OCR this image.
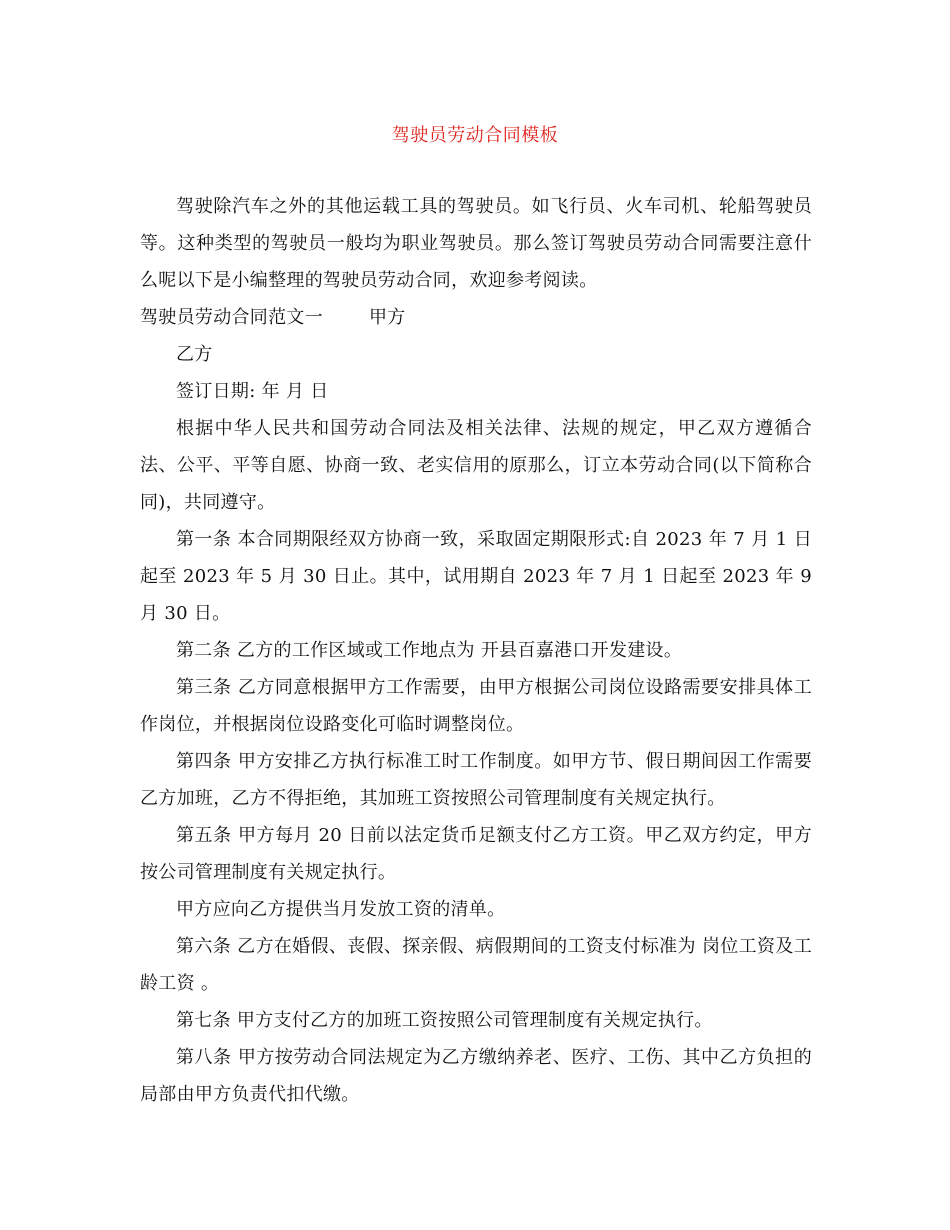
驾驶员劳动合同模板

驾驶除汽车之外的其他运载工具的驾驶员。如飞行员、火车司机、轮船驾驶员等。这种类型的驾驶员一般均为职业驾驶员。那么签订驾驶员劳动合同需要注意什么呢以下是小编整理的驾驶员劳动合同，欢迎参考阅读。

驾驶员劳动合同范文一	甲方

乙方

签订日期: 年 月 日

根据中华人民共和国劳动合同法及相关法律、法规的规定，甲乙双方遵循合法、公平、平等自愿、协商一致、老实信用的原那么，订立本劳动合同(以下简称合同)，共同遵守。

第一条 本合同期限经双方协商一致，采取固定期限形式:自 2023 年 7 月 1 日起至 2023 年 5 月 30 日止。其中，试用期自 2023 年 7 月 1 日起至 2023 年 9 月 30 日。

第二条 乙方的工作区域或工作地点为 开县百嘉港口开发建设。

第三条 乙方同意根据甲方工作需要，由甲方根据公司岗位设路需要安排具体工作岗位，并根据岗位设路变化可临时调整岗位。

第四条 甲方安排乙方执行标准工时工作制度。如甲方节、假日期间因工作需要乙方加班，乙方不得拒绝，其加班工资按照公司管理制度有关规定执行。

第五条 甲方每月 20 日前以法定货币足额支付乙方工资。甲乙双方约定，甲方按公司管理制度有关规定执行。

甲方应向乙方提供当月发放工资的清单。

第六条 乙方在婚假、丧假、探亲假、病假期间的工资支付标准为 岗位工资及工龄工资 。

第七条 甲方支付乙方的加班工资按照公司管理制度有关规定执行。

第八条 甲方按劳动合同法规定为乙方缴纳养老、医疗、工伤、其中乙方负担的局部由甲方负责代扣代缴。
